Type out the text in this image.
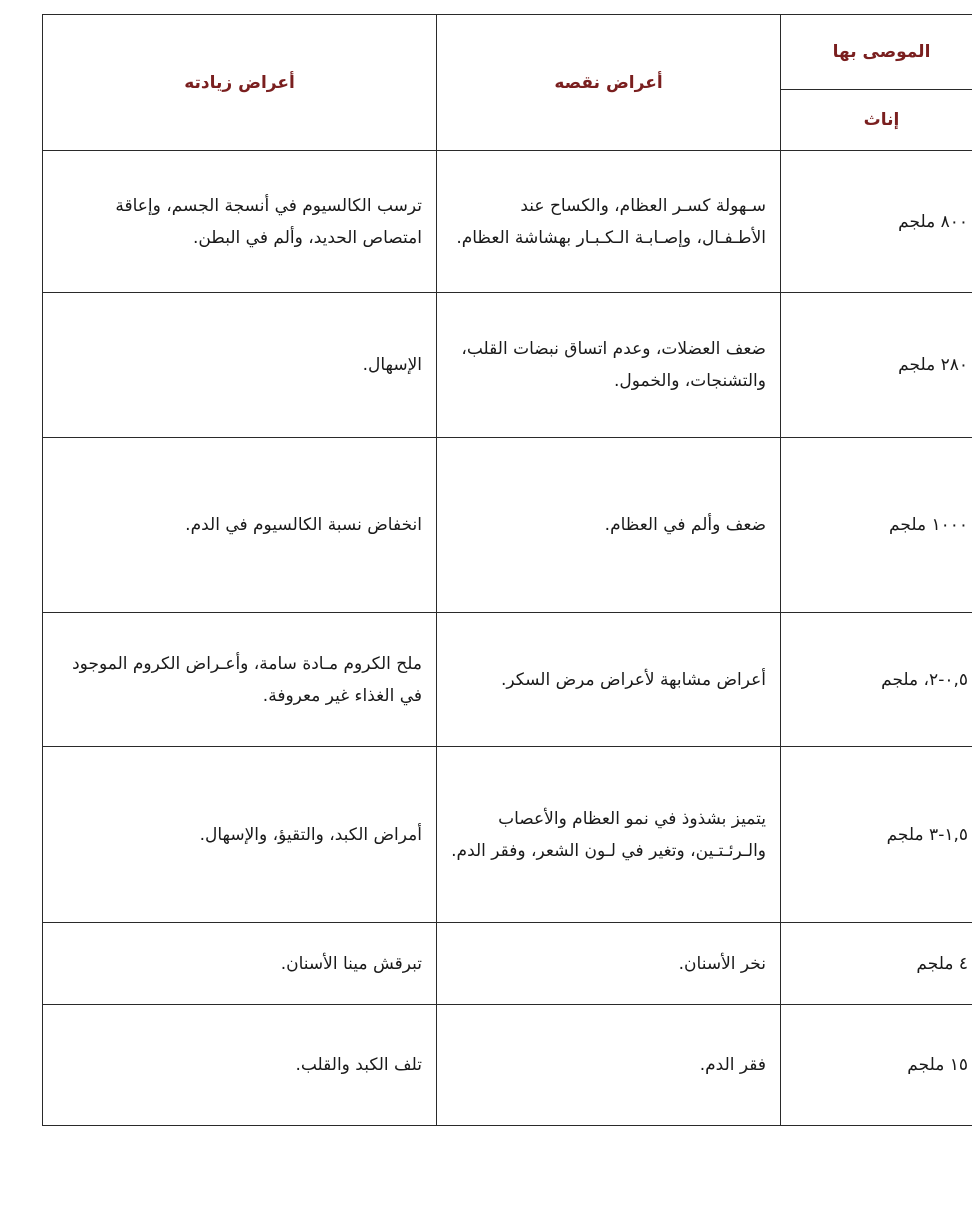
الموصى بها	أعراض نقصه	أعراض زيادته
إناث		
٨٠٠ ملجم	سـهولة كسـر العظام، والكساح عند الأطـفـال، وإصـابـة الـكـبـار بهشاشة العظام.	ترسب الكالسيوم في أنسجة الجسم، وإعاقة امتصاص الحديد، وألم في البطن.
٢٨٠ ملجم	ضعف العضلات، وعدم اتساق نبضات القلب، والتشنجات، والخمول.	الإسهال.
١٠٠٠ ملجم	ضعف وألم في العظام.	انخفاض نسبة الكالسيوم في الدم.
٠,٥-٢، ملجم	أعراض مشابهة لأعراض مرض السكر.	ملح الكروم مـادة سامة، وأعـراض الكروم الموجود في الغذاء غير معروفة.
١,٥-٣ ملجم	يتميز بشذوذ في نمو العظام والأعصاب والـرئـتـين، وتغير في لـون الشعر، وفقر الدم.	أمراض الكبد، والتقيؤ، والإسهال.
٤ ملجم	نخر الأسنان.	تبرقش مينا الأسنان.
١٥ ملجم	فقر الدم.	تلف الكبد والقلب.
